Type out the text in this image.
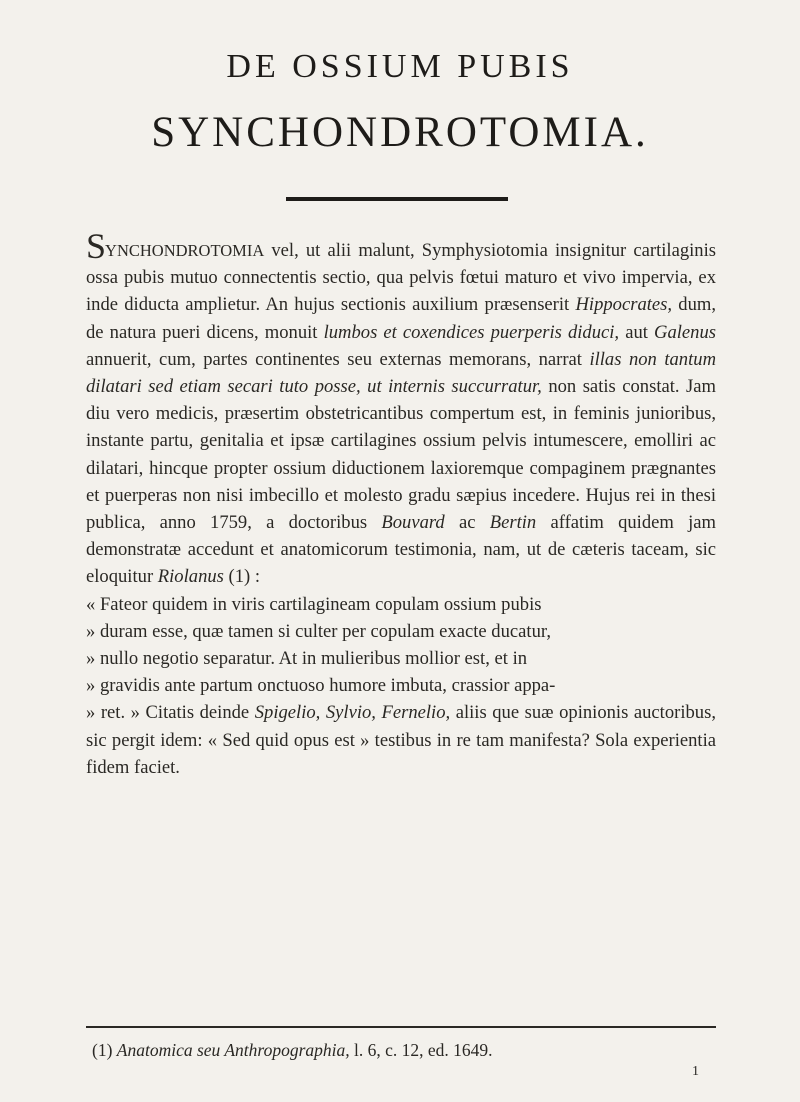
DE OSSIUM PUBIS
SYNCHONDROTOMIA.

SYNCHONDROTOMIA vel, ut alii malunt, Symphysiotomia insignitur cartilaginis ossa pubis mutuo connectentis sectio, qua pelvis fœtui maturo et vivo impervia, ex inde diducta amplietur. An hujus sectionis auxilium præsenserit Hippocrates, dum, de natura pueri dicens, monuit lumbos et coxendices puerperis diduci, aut Galenus annuerit, cum, partes continentes seu externas memorans, narrat illas non tantum dilatari sed etiam secari tuto posse, ut internis succurratur, non satis constat. Jam diu vero medicis, præsertim obstetricantibus compertum est, in feminis junioribus, instante partu, genitalia et ipsæ cartilagines ossium pelvis intumescere, emolliri ac dilatari, hincque propter ossium diductionem laxioremque compaginem prægnantes et puerperas non nisi imbecillo et molesto gradu sæpius incedere. Hujus rei in thesi publica, anno 1759, a doctoribus Bouvard ac Bertin affatim quidem jam demonstratæ accedunt et anatomicorum testimonia, nam, ut de cæteris taceam, sic eloquitur Riolanus (1) :
« Fateor quidem in viris cartilagineam copulam ossium pubis
» duram esse, quæ tamen si culter per copulam exacte ducatur,
» nullo negotio separatur. At in mulieribus mollior est, et in
» gravidis ante partum onctuoso humore imbuta, crassior appa-
» ret. » Citatis deinde Spigelio, Sylvio, Fernelio, aliis que suæ opinionis auctoribus, sic pergit idem: « Sed quid opus est » testibus in re tam manifesta? Sola experientia fidem faciet.

(1) Anatomica seu Anthropographia, l. 6, c. 12, ed. 1649.
1
